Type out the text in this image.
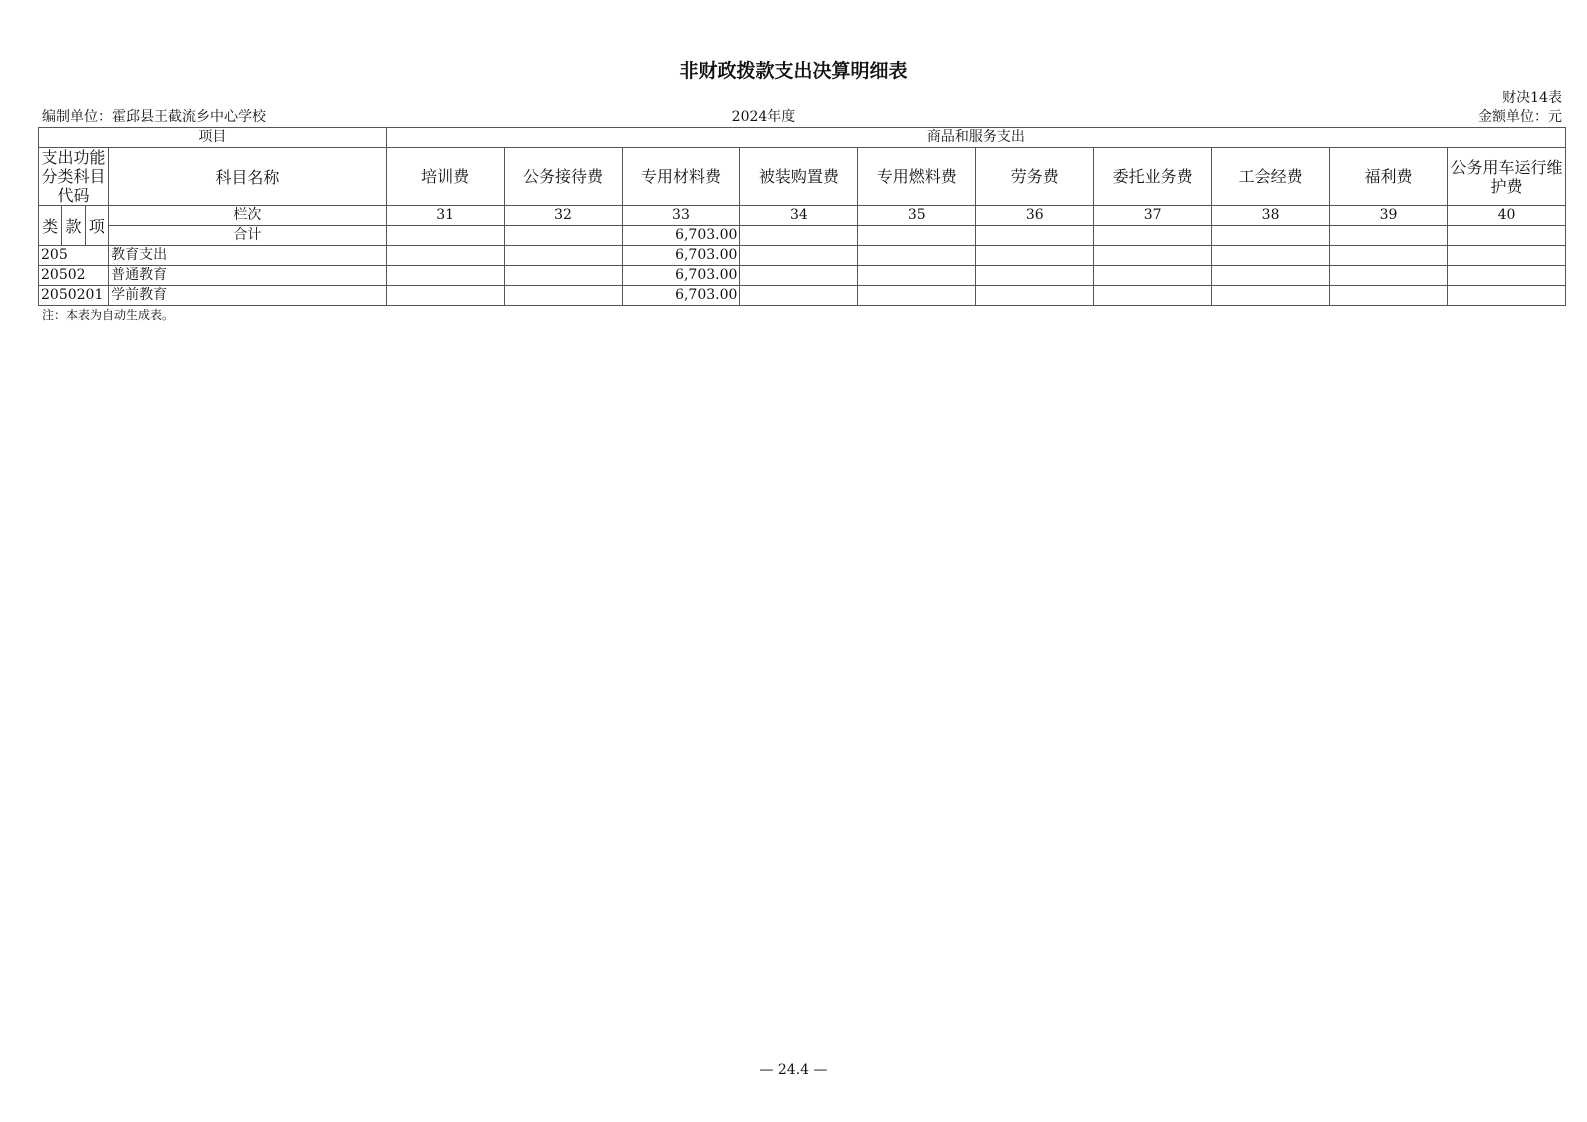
非财政拨款支出决算明细表
财决14表
编制单位：霍邱县王截流乡中心学校	2024年度	金额单位：元
项目				商品和服务支出									
支出功能分类科目代码			科目名称	培训费	公务接待费	专用材料费	被装购置费	专用燃料费	劳务费	委托业务费	工会经费	福利费	公务用车运行维护费
类	款	项	栏次	31	32	33	34	35	36	37	38	39	40
			合计			6,703.00							
205			教育支出			6,703.00							
20502			普通教育			6,703.00							
2050201			学前教育			6,703.00							
注：本表为自动生成表。
— 24.4 —
